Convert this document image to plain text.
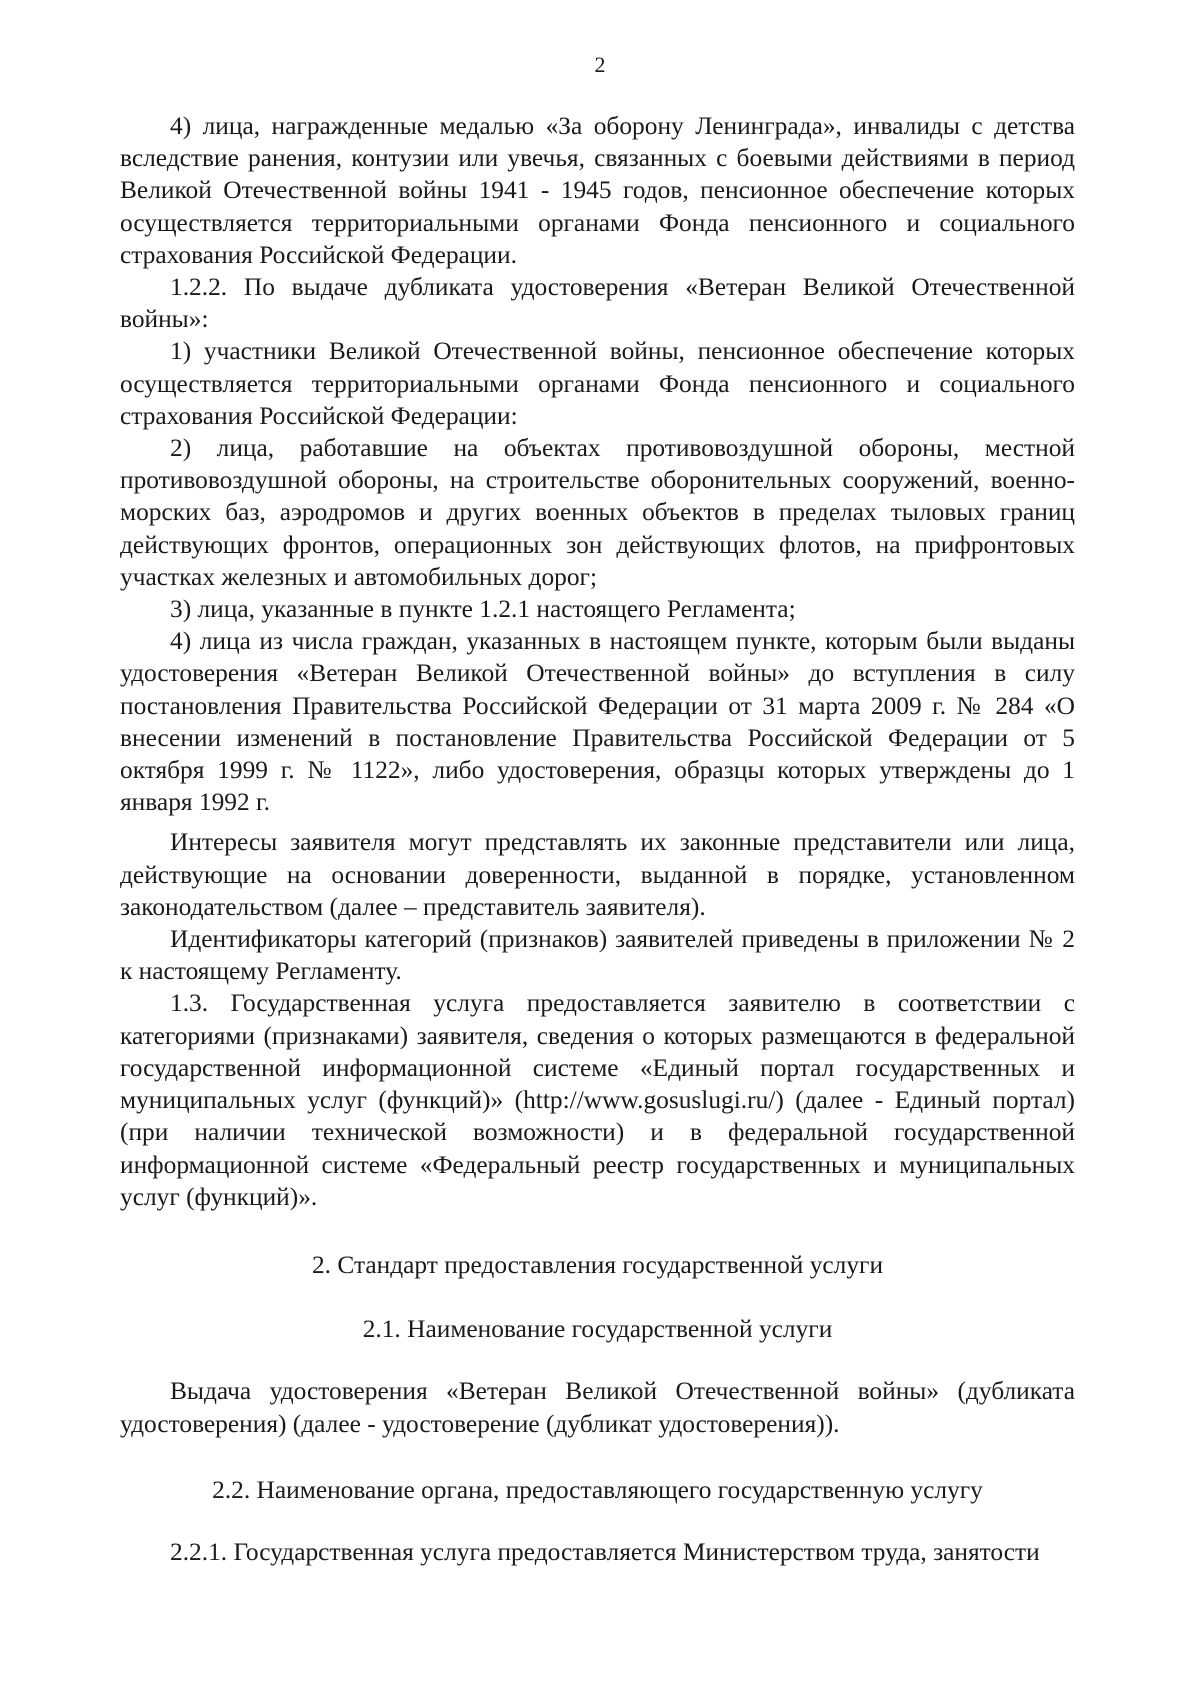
2

4) лица, награжденные медалью «За оборону Ленинграда», инвалиды с детства вследствие ранения, контузии или увечья, связанных с боевыми действиями в период Великой Отечественной войны 1941 - 1945 годов, пенсионное обеспечение которых осуществляется территориальными органами Фонда пенсионного и социального страхования Российской Федерации.

1.2.2. По выдаче дубликата удостоверения «Ветеран Великой Отечественной войны»:

1) участники Великой Отечественной войны, пенсионное обеспечение которых осуществляется территориальными органами Фонда пенсионного и социального страхования Российской Федерации:

2) лица, работавшие на объектах противовоздушной обороны, местной противовоздушной обороны, на строительстве оборонительных сооружений, военно-морских баз, аэродромов и других военных объектов в пределах тыловых границ действующих фронтов, операционных зон действующих флотов, на прифронтовых участках железных и автомобильных дорог;

3) лица, указанные в пункте 1.2.1 настоящего Регламента;

4) лица из числа граждан, указанных в настоящем пункте, которым были выданы удостоверения «Ветеран Великой Отечественной войны» до вступления в силу постановления Правительства Российской Федерации от 31 марта 2009 г. № 284 «О внесении изменений в постановление Правительства Российской Федерации от 5 октября 1999 г. № 1122», либо удостоверения, образцы которых утверждены до 1 января 1992 г.

Интересы заявителя могут представлять их законные представители или лица, действующие на основании доверенности, выданной в порядке, установленном законодательством (далее – представитель заявителя).

Идентификаторы категорий (признаков) заявителей приведены в приложении № 2 к настоящему Регламенту.

1.3. Государственная услуга предоставляется заявителю в соответствии с категориями (признаками) заявителя, сведения о которых размещаются в федеральной государственной информационной системе «Единый портал государственных и муниципальных услуг (функций)» (http://www.gosuslugi.ru/) (далее - Единый портал) (при наличии технической возможности) и в федеральной государственной информационной системе «Федеральный реестр государственных и муниципальных услуг (функций)».

2. Стандарт предоставления государственной услуги

2.1. Наименование государственной услуги

Выдача удостоверения «Ветеран Великой Отечественной войны» (дубликата удостоверения) (далее - удостоверение (дубликат удостоверения)).

2.2. Наименование органа, предоставляющего государственную услугу

2.2.1. Государственная услуга предоставляется Министерством труда, занятости
